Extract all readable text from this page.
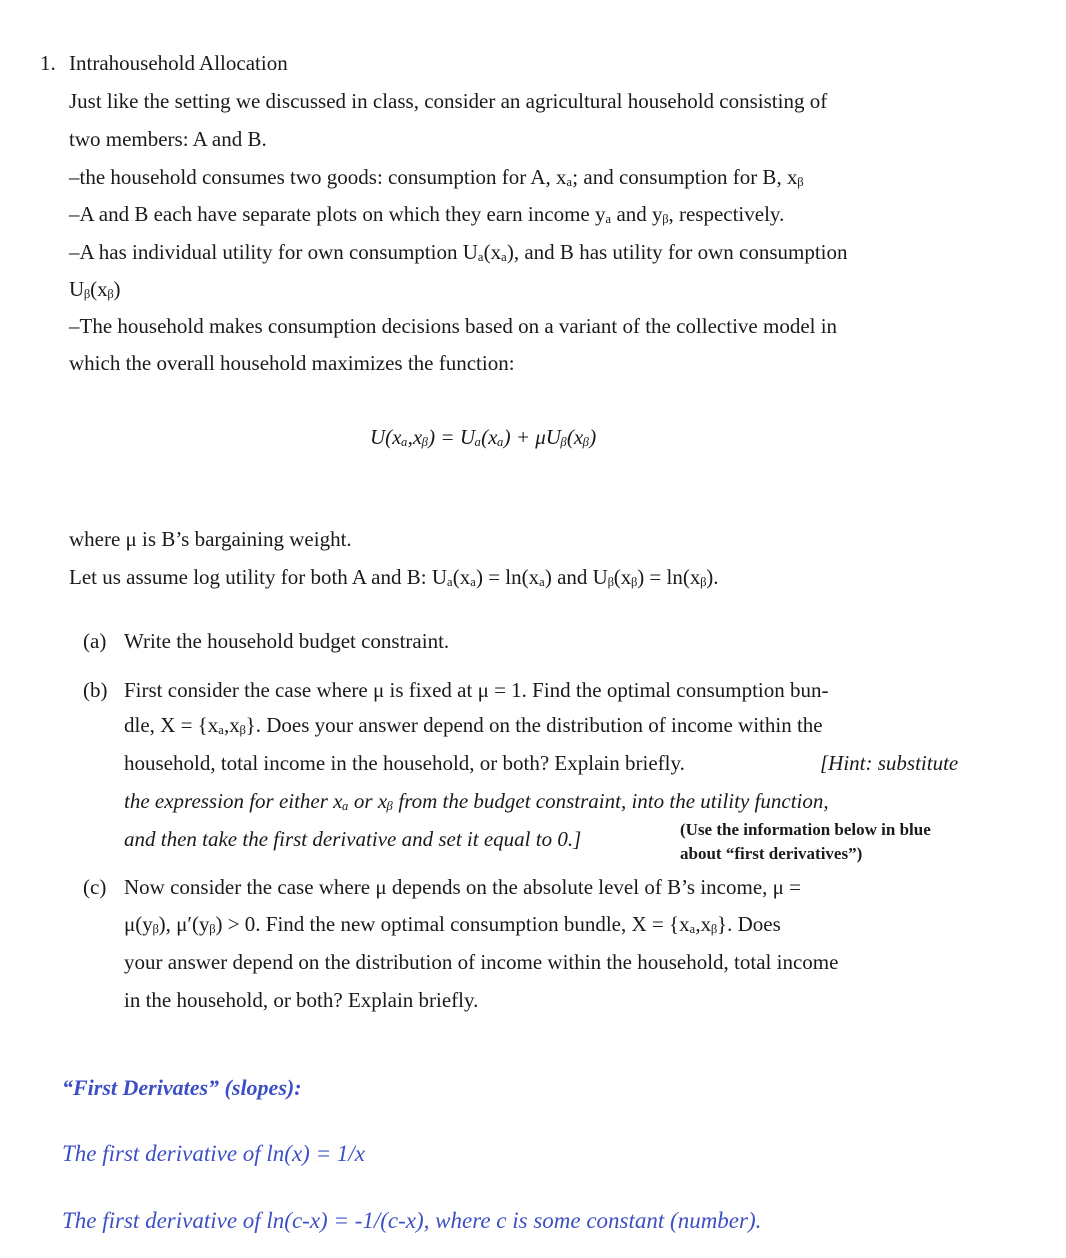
1. Intrahousehold Allocation
Just like the setting we discussed in class, consider an agricultural household consisting of
two members: A and B.
–the household consumes two goods: consumption for A, xₐ; and consumption for B, xᵦ
–A and B each have separate plots on which they earn income yₐ and yᵦ, respectively.
–A has individual utility for own consumption Uₐ(xₐ), and B has utility for own consumption
Uᵦ(xᵦ)
–The household makes consumption decisions based on a variant of the collective model in
which the overall household maximizes the function:
U(xₐ,xᵦ) = Uₐ(xₐ) + μUᵦ(xᵦ)
where μ is B’s bargaining weight.
Let us assume log utility for both A and B: Uₐ(xₐ) = ln(xₐ) and Uᵦ(xᵦ) = ln(xᵦ).
(a) Write the household budget constraint.
(b) First consider the case where μ is fixed at μ = 1. Find the optimal consumption bun-
dle, X = {xₐ,xᵦ}. Does your answer depend on the distribution of income within the
household, total income in the household, or both? Explain briefly.	[Hint: substitute
the expression for either xₐ or xᵦ from the budget constraint, into the utility function,
and then take the first derivative and set it equal to 0.]	(Use the information below in blue
about “first derivatives”)
(c) Now consider the case where μ depends on the absolute level of B’s income, μ =
μ(yᵦ), μ′(yᵦ) > 0. Find the new optimal consumption bundle, X = {xₐ,xᵦ}. Does
your answer depend on the distribution of income within the household, total income
in the household, or both? Explain briefly.
“First Derivates” (slopes):
The first derivative of ln(x) = 1/x
The first derivative of ln(c-x) = -1/(c-x), where c is some constant (number).
